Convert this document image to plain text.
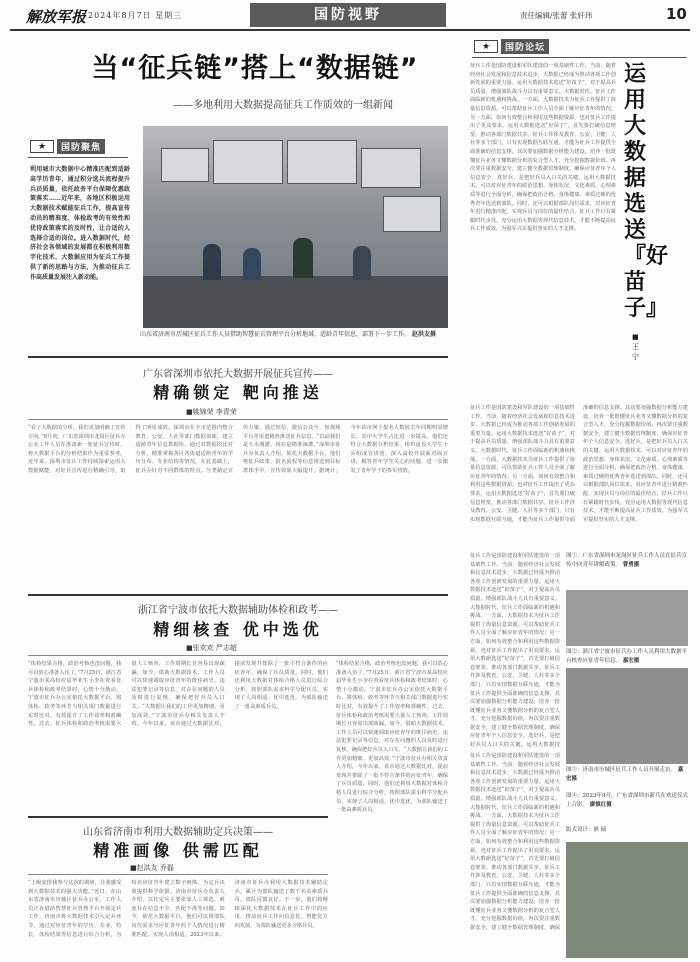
解放军报 2024年8月7日 星期三	国防视野	责任编辑/张蕾 张轩玮	10
当“征兵链”搭上“数据链”
——多地利用大数据提高征兵工作质效的一组新闻
★	国防聚焦
利用城市大数据中心精准匹配到适龄高学历青年，通过积分选兵流程提升兵员质量，依托政务平台保障优惠政策落实……近年来，各地区积极运用大数据技术赋能征兵工作，提高宣传动员的精准度、体检政考的有效性和优待政策落实的及时性，让合适的人选择合适的岗位。进入数据时代，经济社会各领域的发展都在积极利用数字化技术，大数据应用为征兵工作提供了新的思路与方法，为推动征兵工作高质量发展注入新动能。
山东省济南市历城区征兵工作人员借助智慧征兵管理平台分析地域、适龄青年信息，部署下一步工作。 赵洪友摄
广东省深圳市依托大数据开展征兵宣传——
精确锁定 靶向推送
■姚锦荣 李青荣
“看了大数据的分析，我们更加明确了宣传方向。”8月初，广东省深圳市龙岗区征兵办公室工作人员在准备新一轮征兵宣传时，将大数据平台的分析结果作为重要参考。近年来，深圳市征兵工作持续探索运用大数据赋能，对征兵宣传进行精确引导，取得了明显成效。深圳市在全市范围内整合教育、公安、人社等部门数据资源，建立适龄青年信息数据库，通过对数据的比对分析，精准掌握各区各街道适龄青年的学历分布、专业结构等情况。在此基础上，征兵办针对不同群体的特点，分类制定宣传方案，通过短信、微信公众号、短视频平台等渠道精准推送征兵信息。“以前我们是大水漫灌，现在是精准滴灌。”深圳市征兵办负责人介绍，依托大数据平台，他们将征兵政策、报名流程等信息推送到目标群体手中，宣传效果大幅提升。据统计，今年该市网上报名人数较去年同期明显增长，其中大学生占比进一步提高。他们还结合大数据分析结果，组织退役大学生士兵组成宣讲团，深入高校开展面对面宣讲，解答青年学生关心的问题，进一步激发了青年学子的参军热情。
浙江省宁波市依托大数据辅助体检和政考——
精细核查 优中选优
■张欢欢 严志超
“体检结果合格，政治考核也没问题，我可以放心准备入伍了。”7月25日，浙江省宁波市某高校应届毕业生小李在查看征兵体检和政考结果时，心情十分激动。宁波市征兵办公室依托大数据平台，将体检、政考等环节与相关部门数据进行实时比对，有效提升了工作效率和准确性。过去，征兵体检和政治考核需要大量人工核查，工作周期长且容易出现疏漏。如今，借助大数据技术，工作人员可以快速调取应征青年的既往病史、违法犯罪记录等信息，对存在问题的人员及时进行复核，确保把好兵员入口关。“大数据让我们的工作更加精细、更加高效。”宁波市征兵办相关负责人介绍，今年以来，该市通过大数据比对，提前发现并排除了一批不符合条件的应征青年，确保了兵员质量。同时，他们还利用大数据对体检合格人员进行综合分析，按照部队需求科学分配兵员，实现了人岗相适、优中选优，为部队输送了一批高素质兵员。
山东省济南市利用大数据辅助定兵决策——
精准画像 供需匹配
■赵洪友 乔磊
“上级安排我参与这次的调研，让我感受到大数据技术的强大功能。”近日，在山东省济南市历城区征兵办公室，工作人员正在借助智慧征兵管理平台开展定兵工作。济南市将大数据技术引入定兵环节，通过对应征青年的学历、专业、特长、体检结果等信息进行综合分析，为每名应征青年建立数字画像，为定兵决策提供科学依据。济南市征兵办负责人介绍，以往定兵主要依靠人工筛选，难免存在信息不全、匹配不准等问题。如今，依托大数据平台，他们可以将部队岗位需求与应征青年的个人情况进行精准匹配，实现人岗相适。2023年以来，济南市征兵办利用大数据技术辅助定兵，累计为部队输送了数千名高素质兵员，部队反馈良好。下一步，他们将继续深化大数据技术在征兵工作中的应用，推动征兵工作向信息化、智能化方向发展，为部队输送更多合格兵员。
“体检结果合格，政治考核也没问题，我可以放心准备入伍了。”7月25日，浙江省宁波市某高校应届毕业生小李在查看征兵体检和政考结果时，心情十分激动。宁波市征兵办公室依托大数据平台，将体检、政考等环节与相关部门数据进行实时比对，有效提升了工作效率和准确性。过去，征兵体检和政治考核需要大量人工核查，工作周期长且容易出现疏漏。如今，借助大数据技术，工作人员可以快速调取应征青年的既往病史、违法犯罪记录等信息，对存在问题的人员及时进行复核，确保把好兵员入口关。“大数据让我们的工作更加精细、更加高效。”宁波市征兵办相关负责人介绍，今年以来，该市通过大数据比对，提前发现并排除了一批不符合条件的应征青年，确保了兵员质量。同时，他们还利用大数据对体检合格人员进行综合分析，按照部队需求科学分配兵员，实现了人岗相适、优中选优，为部队输送了一批高素质兵员。
★	国防论坛
运用大数据选送『好苗子』
■王宁
征兵工作是国防建设和军队建设的一项基础性工作。当前，随着经济社会发展和信息技术进步，大数据已经成为推动各项工作创新发展的重要力量。运用大数据技术选送“好苗子”，对于提高兵员质量、增强部队战斗力具有重要意义。大数据时代，征兵工作面临新的机遇和挑战。一方面，大数据技术为征兵工作提供了海量信息资源，可以帮助征兵工作人员全面了解应征青年的情况；另一方面，如何有效整合和利用这些数据资源，也对征兵工作提出了更高要求。运用大数据选送“好苗子”，首先要打破信息壁垒，推动各部门数据共享。征兵工作涉及教育、公安、卫健、人社等多个部门，只有实现数据互联互通，才能为征兵工作提供全面准确的信息支撑。其次要加强数据分析能力建设，培养一批既懂征兵业务又懂数据分析的复合型人才，充分挖掘数据价值。再次要注重数据安全，建立健全数据管理制度，确保应征青年个人信息安全。选好兵，是把好兵员入口关的关键。运用大数据技术，可以对应征青年的政治思想、身体状况、文化素质、心理素质等进行全面分析，确保把政治合格、身体健康、素质过硬的优秀青年选送到部队。同时，还可以根据部队岗位需求，对应征青年进行精准匹配，实现兵员与岗位的最佳结合。征兵工作只有紧跟时代步伐，充分运用大数据等现代信息技术，才能不断提高征兵工作质效，为强军兴军提供坚实的人才支撑。
征兵工作是国防建设和军队建设的一项基础性工作。当前，随着经济社会发展和信息技术进步，大数据已经成为推动各项工作创新发展的重要力量。运用大数据技术选送“好苗子”，对于提高兵员质量、增强部队战斗力具有重要意义。大数据时代，征兵工作面临新的机遇和挑战。一方面，大数据技术为征兵工作提供了海量信息资源，可以帮助征兵工作人员全面了解应征青年的情况；另一方面，如何有效整合和利用这些数据资源，也对征兵工作提出了更高要求。运用大数据选送“好苗子”，首先要打破信息壁垒，推动各部门数据共享。征兵工作涉及教育、公安、卫健、人社等多个部门，只有实现数据互联互通，才能为征兵工作提供全面准确的信息支撑。其次要加强数据分析能力建设，培养一批既懂征兵业务又懂数据分析的复合型人才，充分挖掘数据价值。再次要注重数据安全，建立健全数据管理制度，确保应征青年个人信息安全。选好兵，是把好兵员入口关的关键。运用大数据技术，可以对应征青年的政治思想、身体状况、文化素质、心理素质等进行全面分析，确保把政治合格、身体健康、素质过硬的优秀青年选送到部队。同时，还可以根据部队岗位需求，对应征青年进行精准匹配，实现兵员与岗位的最佳结合。征兵工作只有紧跟时代步伐，充分运用大数据等现代信息技术，才能不断提高征兵工作质效，为强军兴军提供坚实的人才支撑。
征兵工作是国防建设和军队建设的一项基础性工作。当前，随着经济社会发展和信息技术进步，大数据已经成为推动各项工作创新发展的重要力量。运用大数据技术选送“好苗子”，对于提高兵员质量、增强部队战斗力具有重要意义。大数据时代，征兵工作面临新的机遇和挑战。一方面，大数据技术为征兵工作提供了海量信息资源，可以帮助征兵工作人员全面了解应征青年的情况；另一方面，如何有效整合和利用这些数据资源，也对征兵工作提出了更高要求。运用大数据选送“好苗子”，首先要打破信息壁垒，推动各部门数据共享。征兵工作涉及教育、公安、卫健、人社等多个部门，只有实现数据互联互通，才能为征兵工作提供全面准确的信息支撑。其次要加强数据分析能力建设，培养一批既懂征兵业务又懂数据分析的复合型人才，充分挖掘数据价值。再次要注重数据安全，建立健全数据管理制度，确保应征青年个人信息安全。选好兵，是把好兵员入口关的关键。运用大数据技
征兵工作是国防建设和军队建设的一项基础性工作。当前，随着经济社会发展和信息技术进步，大数据已经成为推动各项工作创新发展的重要力量。运用大数据技术选送“好苗子”，对于提高兵员质量、增强部队战斗力具有重要意义。大数据时代，征兵工作面临新的机遇和挑战。一方面，大数据技术为征兵工作提供了海量信息资源，可以帮助征兵工作人员全面了解应征青年的情况；另一方面，如何有效整合和利用这些数据资源，也对征兵工作提出了更高要求。运用大数据选送“好苗子”，首先要打破信息壁垒，推动各部门数据共享。征兵工作涉及教育、公安、卫健、人社等多个部门，只有实现数据互联互通，才能为征兵工作提供全面准确的信息支撑。其次要加强数据分析能力建设，培养一批既懂征兵业务又懂数据分析的复合型人才，充分挖掘数据价值。再次要注重数据安全，建立健全数据管理制度，确保
图①：广东省深圳市龙岗区征兵工作人员在征兵宣传中向青年讲解政策。 曹勇摄
图②：浙江省宁波市征兵办工作人员利用大数据平台核查应征青年信息。 嘉宏摄
图③：济南市历城区征兵工作人员开展走访。 嘉宏摄
图④：2023年9月，广东省深圳市新兵在欢送仪式上合影。 廖镇红摄
版式设计：耿 硕
